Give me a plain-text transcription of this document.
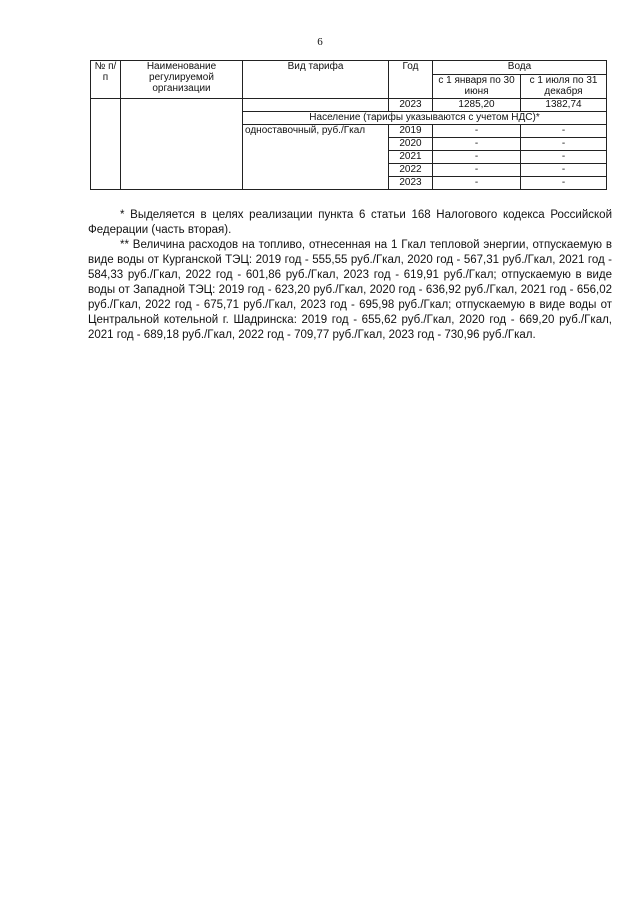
6
№ п/п	Наименование регулируемой организации	Вид тарифа	Год	Вода	
				с 1 января по 30 июня	с 1 июля по 31 декабря
			2023	1285,20	1382,74
		Население (тарифы указываются с учетом НДС)*			
		одноставочный, руб./Гкал	2019	-	-
			2020	-	-
			2021	-	-
			2022	-	-
			2023	-	-

* Выделяется в целях реализации пункта 6 статьи 168 Налогового кодекса Российской Федерации (часть вторая).

** Величина расходов на топливо, отнесенная на 1 Гкал тепловой энергии, отпускаемую в виде воды от Курганской ТЭЦ: 2019 год - 555,55 руб./Гкал, 2020 год - 567,31 руб./Гкал, 2021 год - 584,33 руб./Гкал, 2022 год - 601,86 руб./Гкал, 2023 год - 619,91 руб./Гкал; отпускаемую в виде воды от Западной ТЭЦ: 2019 год - 623,20 руб./Гкал, 2020 год - 636,92 руб./Гкал, 2021 год - 656,02 руб./Гкал, 2022 год - 675,71 руб./Гкал, 2023 год - 695,98 руб./Гкал; отпускаемую в виде воды от Центральной котельной г. Шадринска: 2019 год - 655,62 руб./Гкал, 2020 год - 669,20 руб./Гкал, 2021 год - 689,18 руб./Гкал, 2022 год - 709,77 руб./Гкал, 2023 год - 730,96 руб./Гкал.
